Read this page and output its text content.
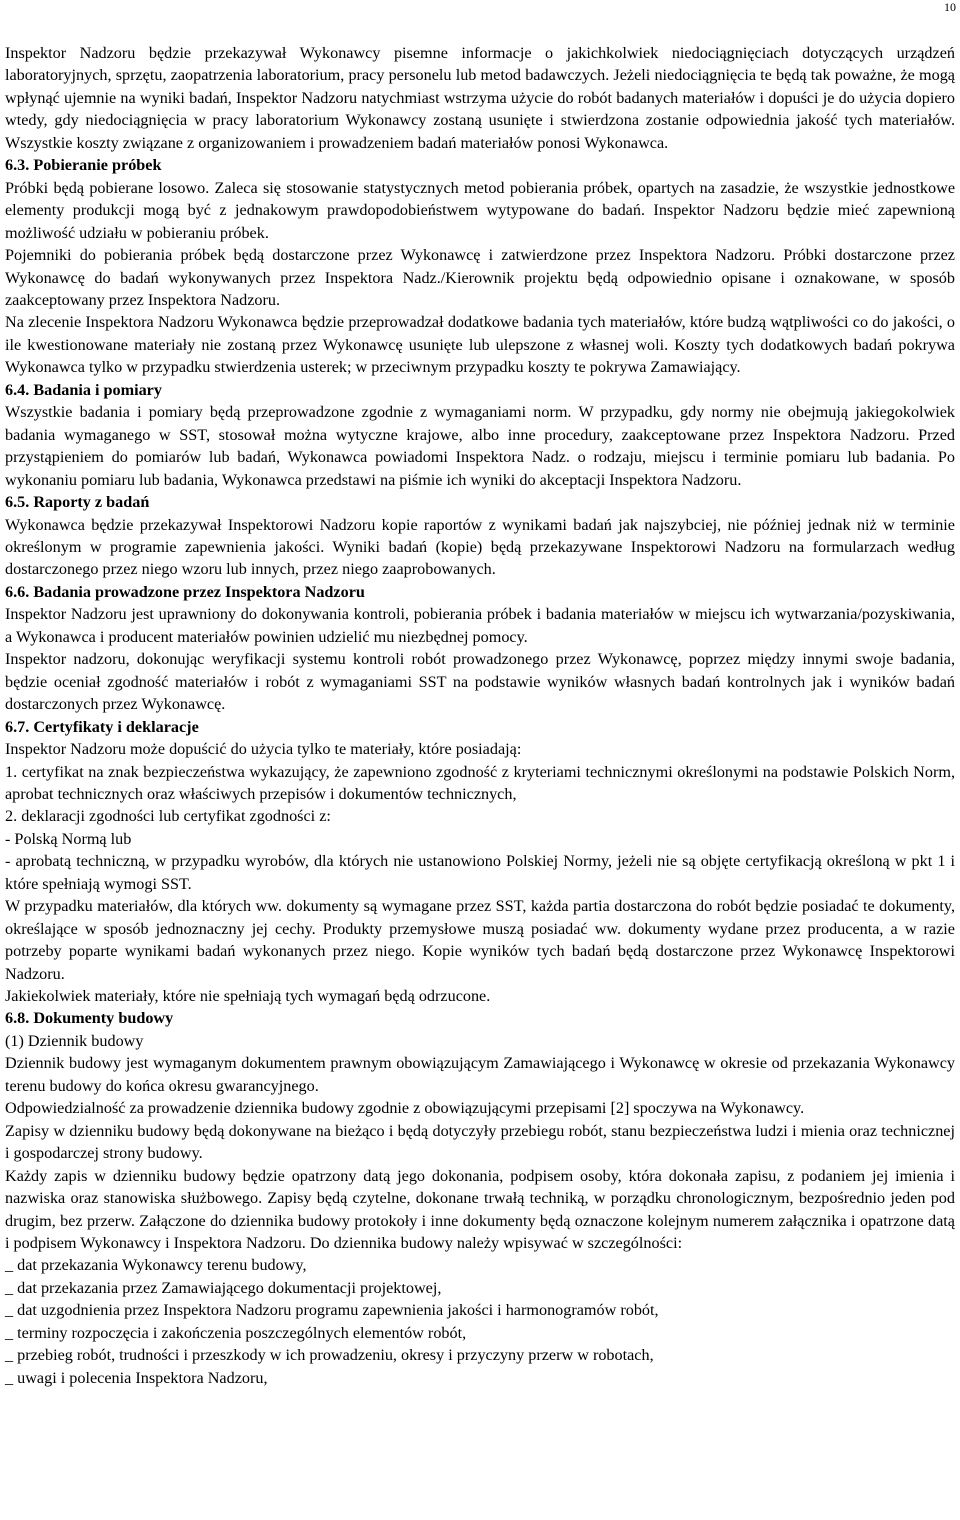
10
Inspektor Nadzoru będzie przekazywał Wykonawcy pisemne informacje o jakichkolwiek niedociągnięciach dotyczących urządzeń laboratoryjnych, sprzętu, zaopatrzenia laboratorium, pracy personelu lub metod badawczych. Jeżeli niedociągnięcia te będą tak poważne, że mogą wpłynąć ujemnie na wyniki badań, Inspektor Nadzoru natychmiast wstrzyma użycie do robót badanych materiałów i dopuści je do użycia dopiero wtedy, gdy niedociągnięcia w pracy laboratorium Wykonawcy zostaną usunięte i stwierdzona zostanie odpowiednia jakość tych materiałów. Wszystkie koszty związane z organizowaniem i prowadzeniem badań materiałów ponosi Wykonawca.
6.3. Pobieranie próbek
Próbki będą pobierane losowo. Zaleca się stosowanie statystycznych metod pobierania próbek, opartych na zasadzie, że wszystkie jednostkowe elementy produkcji mogą być z jednakowym prawdopodobieństwem wytypowane do badań. Inspektor Nadzoru będzie mieć zapewnioną możliwość udziału w pobieraniu próbek.
Pojemniki do pobierania próbek będą dostarczone przez Wykonawcę i zatwierdzone przez Inspektora Nadzoru. Próbki dostarczone przez Wykonawcę do badań wykonywanych przez Inspektora Nadz./Kierownik projektu będą odpowiednio opisane i oznakowane, w sposób zaakceptowany przez Inspektora Nadzoru.
Na zlecenie Inspektora Nadzoru Wykonawca będzie przeprowadzał dodatkowe badania tych materiałów, które budzą wątpliwości co do jakości, o ile kwestionowane materiały nie zostaną przez Wykonawcę usunięte lub ulepszone z własnej woli. Koszty tych dodatkowych badań pokrywa Wykonawca tylko w przypadku stwierdzenia usterek; w przeciwnym przypadku koszty te pokrywa Zamawiający.
6.4. Badania i pomiary
Wszystkie badania i pomiary będą przeprowadzone zgodnie z wymaganiami norm. W przypadku, gdy normy nie obejmują jakiegokolwiek badania wymaganego w SST, stosował można wytyczne krajowe, albo inne procedury, zaakceptowane przez Inspektora Nadzoru. Przed przystąpieniem do pomiarów lub badań, Wykonawca powiadomi Inspektora Nadz. o rodzaju, miejscu i terminie pomiaru lub badania. Po wykonaniu pomiaru lub badania, Wykonawca przedstawi na piśmie ich wyniki do akceptacji Inspektora Nadzoru.
6.5. Raporty z badań
Wykonawca będzie przekazywał Inspektorowi Nadzoru kopie raportów z wynikami badań jak najszybciej, nie później jednak niż w terminie określonym w programie zapewnienia jakości. Wyniki badań (kopie) będą przekazywane Inspektorowi Nadzoru na formularzach według dostarczonego przez niego wzoru lub innych, przez niego zaaprobowanych.
6.6. Badania prowadzone przez Inspektora Nadzoru
Inspektor Nadzoru jest uprawniony do dokonywania kontroli, pobierania próbek i badania materiałów w miejscu ich wytwarzania/pozyskiwania, a Wykonawca i producent materiałów powinien udzielić mu niezbędnej pomocy.
Inspektor nadzoru, dokonując weryfikacji systemu kontroli robót prowadzonego przez Wykonawcę, poprzez między innymi swoje badania, będzie oceniał zgodność materiałów i robót z wymaganiami SST na podstawie wyników własnych badań kontrolnych jak i wyników badań dostarczonych przez Wykonawcę.
6.7. Certyfikaty i deklaracje
Inspektor Nadzoru może dopuścić do użycia tylko te materiały, które posiadają:
1. certyfikat na znak bezpieczeństwa wykazujący, że zapewniono zgodność z kryteriami technicznymi określonymi na podstawie Polskich Norm, aprobat technicznych oraz właściwych przepisów i dokumentów technicznych,
2. deklaracji zgodności lub certyfikat zgodności z:
- Polską Normą lub
- aprobatą techniczną, w przypadku wyrobów, dla których nie ustanowiono Polskiej Normy, jeżeli nie są objęte certyfikacją określoną w pkt 1 i które spełniają wymogi SST.
W przypadku materiałów, dla których ww. dokumenty są wymagane przez SST, każda partia dostarczona do robót będzie posiadać te dokumenty, określające w sposób jednoznaczny jej cechy. Produkty przemysłowe muszą posiadać ww. dokumenty wydane przez producenta, a w razie potrzeby poparte wynikami badań wykonanych przez niego. Kopie wyników tych badań będą dostarczone przez Wykonawcę Inspektorowi Nadzoru.
Jakiekolwiek materiały, które nie spełniają tych wymagań będą odrzucone.
6.8. Dokumenty budowy
(1) Dziennik budowy
Dziennik budowy jest wymaganym dokumentem prawnym obowiązującym Zamawiającego i Wykonawcę w okresie od przekazania Wykonawcy terenu budowy do końca okresu gwarancyjnego.
Odpowiedzialność za prowadzenie dziennika budowy zgodnie z obowiązującymi przepisami [2] spoczywa na Wykonawcy.
Zapisy w dzienniku budowy będą dokonywane na bieżąco i będą dotyczyły przebiegu robót, stanu bezpieczeństwa ludzi i mienia oraz technicznej i gospodarczej strony budowy.
Każdy zapis w dzienniku budowy będzie opatrzony datą jego dokonania, podpisem osoby, która dokonała zapisu, z podaniem jej imienia i nazwiska oraz stanowiska służbowego. Zapisy będą czytelne, dokonane trwałą techniką, w porządku chronologicznym, bezpośrednio jeden pod drugim, bez przerw. Załączone do dziennika budowy protokoły i inne dokumenty będą oznaczone kolejnym numerem załącznika i opatrzone datą i podpisem Wykonawcy i Inspektora Nadzoru. Do dziennika budowy należy wpisywać w szczególności:
_ dat przekazania Wykonawcy terenu budowy,
_ dat przekazania przez Zamawiającego dokumentacji projektowej,
_ dat uzgodnienia przez Inspektora Nadzoru programu zapewnienia jakości i harmonogramów robót,
_ terminy rozpoczęcia i zakończenia poszczególnych elementów robót,
_ przebieg robót, trudności i przeszkody w ich prowadzeniu, okresy i przyczyny przerw w robotach,
_ uwagi i polecenia Inspektora Nadzoru,
